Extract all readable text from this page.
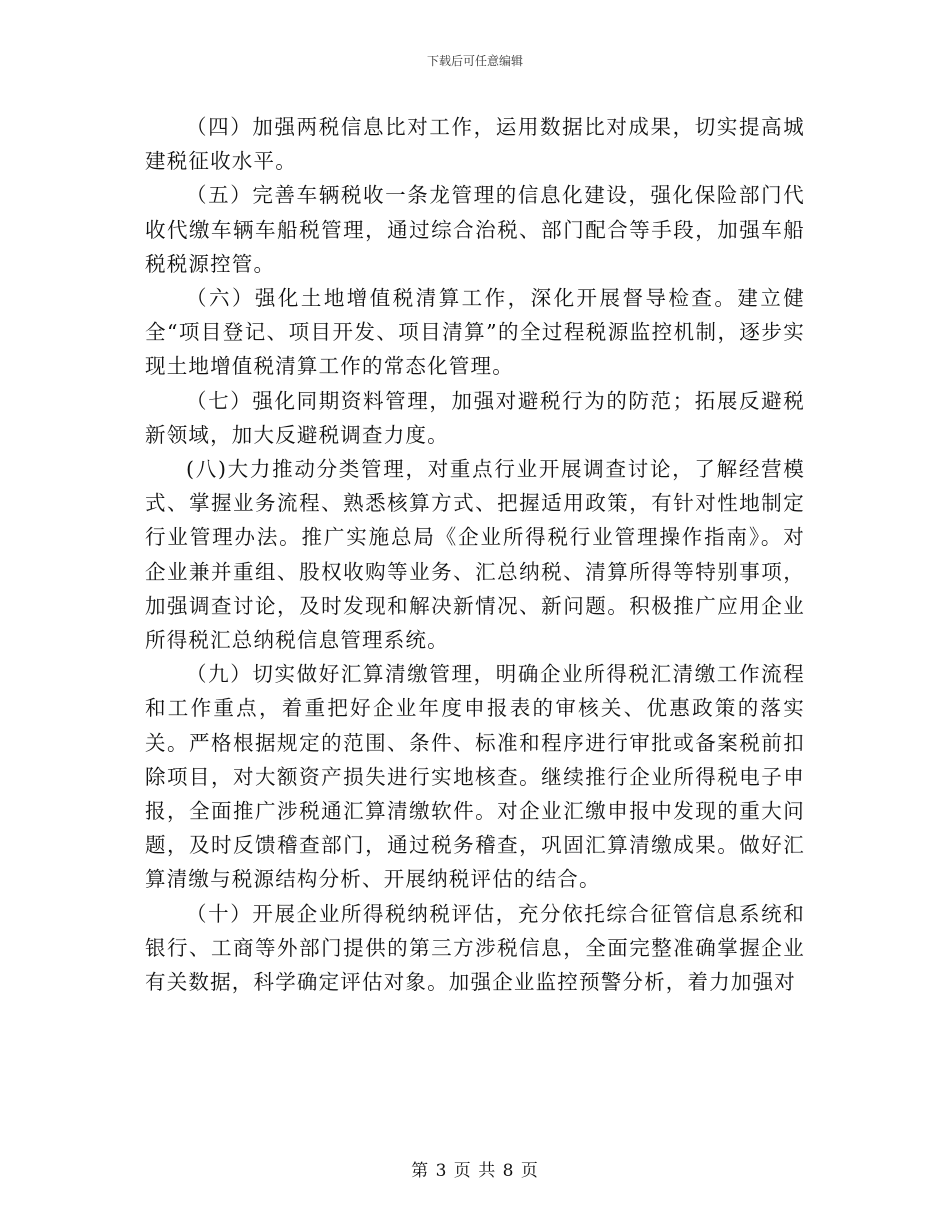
下载后可任意编辑

（四）加强两税信息比对工作，运用数据比对成果，切实提高城建税征收水平。

（五）完善车辆税收一条龙管理的信息化建设，强化保险部门代收代缴车辆车船税管理，通过综合治税、部门配合等手段，加强车船税税源控管。

（六）强化土地增值税清算工作，深化开展督导检查。建立健全“项目登记、项目开发、项目清算”的全过程税源监控机制，逐步实现土地增值税清算工作的常态化管理。

（七）强化同期资料管理，加强对避税行为的防范；拓展反避税新领域，加大反避税调查力度。

(八)大力推动分类管理，对重点行业开展调查讨论，了解经营模式、掌握业务流程、熟悉核算方式、把握适用政策，有针对性地制定行业管理办法。推广实施总局《企业所得税行业管理操作指南》。对企业兼并重组、股权收购等业务、汇总纳税、清算所得等特别事项，加强调查讨论，及时发现和解决新情况、新问题。积极推广应用企业所得税汇总纳税信息管理系统。

（九）切实做好汇算清缴管理，明确企业所得税汇清缴工作流程和工作重点，着重把好企业年度申报表的审核关、优惠政策的落实关。严格根据规定的范围、条件、标准和程序进行审批或备案税前扣除项目，对大额资产损失进行实地核查。继续推行企业所得税电子申报，全面推广涉税通汇算清缴软件。对企业汇缴申报中发现的重大问题，及时反馈稽查部门，通过税务稽查，巩固汇算清缴成果。做好汇算清缴与税源结构分析、开展纳税评估的结合。

（十）开展企业所得税纳税评估，充分依托综合征管信息系统和银行、工商等外部门提供的第三方涉税信息，全面完整准确掌握企业有关数据，科学确定评估对象。加强企业监控预警分析，着力加强对

第 3 页 共 8 页
